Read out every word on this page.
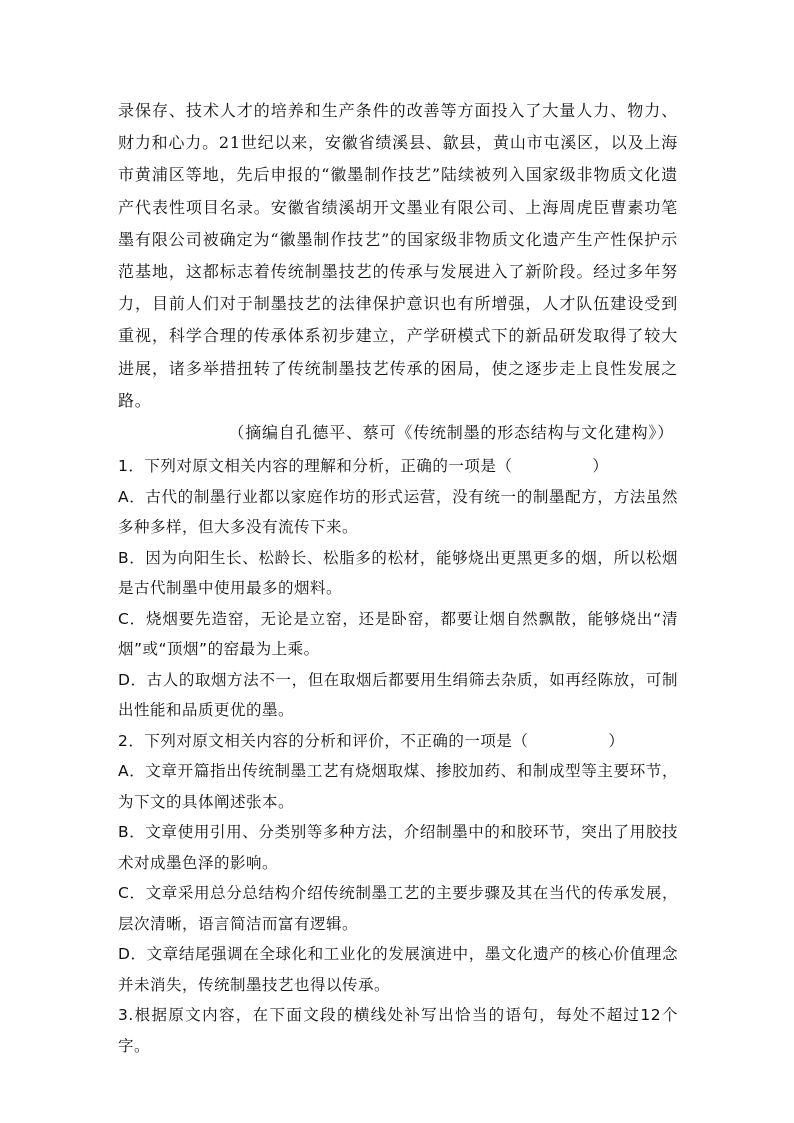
录保存、技术人才的培养和生产条件的改善等方面投入了大量人力、物力、财力和心力。21世纪以来，安徽省绩溪县、歙县，黄山市屯溪区，以及上海市黄浦区等地，先后申报的“徽墨制作技艺”陆续被列入国家级非物质文化遗产代表性项目名录。安徽省绩溪胡开文墨业有限公司、上海周虎臣曹素功笔墨有限公司被确定为“徽墨制作技艺”的国家级非物质文化遗产生产性保护示范基地，这都标志着传统制墨技艺的传承与发展进入了新阶段。经过多年努力，目前人们对于制墨技艺的法律保护意识也有所增强，人才队伍建设受到重视，科学合理的传承体系初步建立，产学研模式下的新品研发取得了较大进展，诸多举措扭转了传统制墨技艺传承的困局，使之逐步走上良性发展之路。

（摘编自孔德平、蔡可《传统制墨的形态结构与文化建构》）

1．下列对原文相关内容的理解和分析，正确的一项是（	）

A．古代的制墨行业都以家庭作坊的形式运营，没有统一的制墨配方，方法虽然多种多样，但大多没有流传下来。

B．因为向阳生长、松龄长、松脂多的松材，能够烧出更黑更多的烟，所以松烟是古代制墨中使用最多的烟料。

C．烧烟要先造窑，无论是立窑，还是卧窑，都要让烟自然飘散，能够烧出“清烟”或“顶烟”的窑最为上乘。

D．古人的取烟方法不一，但在取烟后都要用生绢筛去杂质，如再经陈放，可制出性能和品质更优的墨。

2．下列对原文相关内容的分析和评价，不正确的一项是（	）

A．文章开篇指出传统制墨工艺有烧烟取煤、掺胶加药、和制成型等主要环节，为下文的具体阐述张本。

B．文章使用引用、分类别等多种方法，介绍制墨中的和胶环节，突出了用胶技术对成墨色泽的影响。

C．文章采用总分总结构介绍传统制墨工艺的主要步骤及其在当代的传承发展，层次清晰，语言简洁而富有逻辑。

D．文章结尾强调在全球化和工业化的发展演进中，墨文化遗产的核心价值理念并未消失，传统制墨技艺也得以传承。

3.根据原文内容，在下面文段的横线处补写出恰当的语句，每处不超过12个字。
